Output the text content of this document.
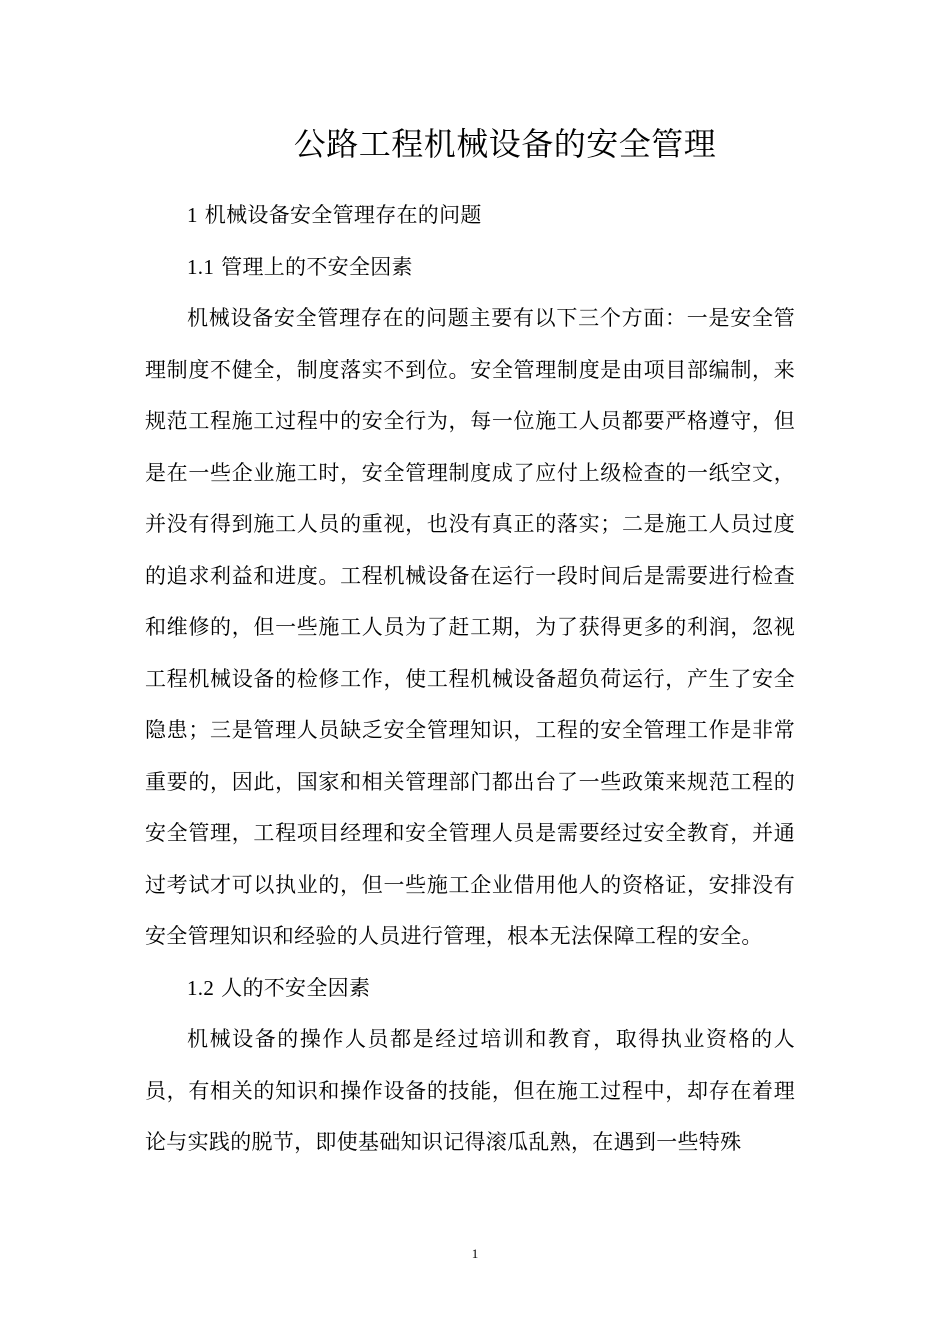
公路工程机械设备的安全管理

1 机械设备安全管理存在的问题

1.1 管理上的不安全因素

机械设备安全管理存在的问题主要有以下三个方面：一是安全管理制度不健全，制度落实不到位。安全管理制度是由项目部编制，来规范工程施工过程中的安全行为，每一位施工人员都要严格遵守，但是在一些企业施工时，安全管理制度成了应付上级检查的一纸空文，并没有得到施工人员的重视，也没有真正的落实；二是施工人员过度的追求利益和进度。工程机械设备在运行一段时间后是需要进行检查和维修的，但一些施工人员为了赶工期，为了获得更多的利润，忽视工程机械设备的检修工作，使工程机械设备超负荷运行，产生了安全隐患；三是管理人员缺乏安全管理知识，工程的安全管理工作是非常重要的，因此，国家和相关管理部门都出台了一些政策来规范工程的安全管理，工程项目经理和安全管理人员是需要经过安全教育，并通过考试才可以执业的，但一些施工企业借用他人的资格证，安排没有安全管理知识和经验的人员进行管理，根本无法保障工程的安全。

1.2 人的不安全因素

机械设备的操作人员都是经过培训和教育，取得执业资格的人员，有相关的知识和操作设备的技能，但在施工过程中，却存在着理论与实践的脱节，即使基础知识记得滚瓜乱熟，在遇到一些特殊

1
